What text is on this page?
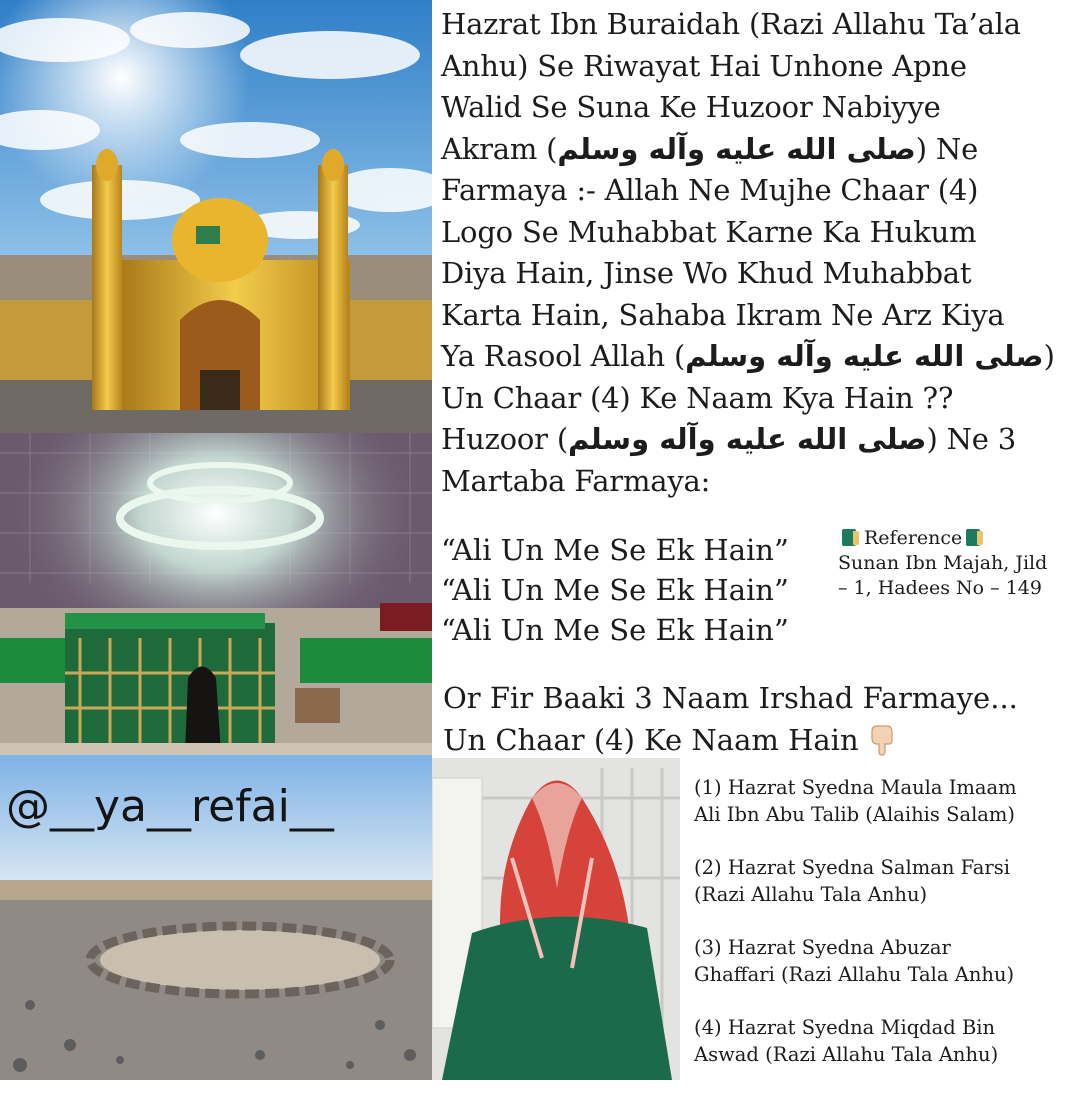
@__ya__refai__
Hazrat Ibn Buraidah (Razi Allahu Ta’ala
Anhu) Se Riwayat Hai Unhone Apne
Walid Se Suna Ke Huzoor Nabiyye
Akram (صلى الله عليه وآله وسلم) Ne
Farmaya :- Allah Ne Mujhe Chaar (4)
Logo Se Muhabbat Karne Ka Hukum
Diya Hain, Jinse Wo Khud Muhabbat
Karta Hain, Sahaba Ikram Ne Arz Kiya
Ya Rasool Allah (صلى الله عليه وآله وسلم)
Un Chaar (4) Ke Naam Kya Hain ??
Huzoor (صلى الله عليه وآله وسلم) Ne 3
Martaba Farmaya:
“Ali Un Me Se Ek Hain”
“Ali Un Me Se Ek Hain”
“Ali Un Me Se Ek Hain”
Reference
Sunan Ibn Majah, Jild
– 1, Hadees No – 149
Or Fir Baaki 3 Naam Irshad Farmaye...
Un Chaar (4) Ke Naam Hain
(1) Hazrat Syedna Maula Imaam
Ali Ibn Abu Talib (Alaihis Salam)
(2) Hazrat Syedna Salman Farsi
(Razi Allahu Tala Anhu)
(3) Hazrat Syedna Abuzar
Ghaffari (Razi Allahu Tala Anhu)
(4) Hazrat Syedna Miqdad Bin
Aswad (Razi Allahu Tala Anhu)
